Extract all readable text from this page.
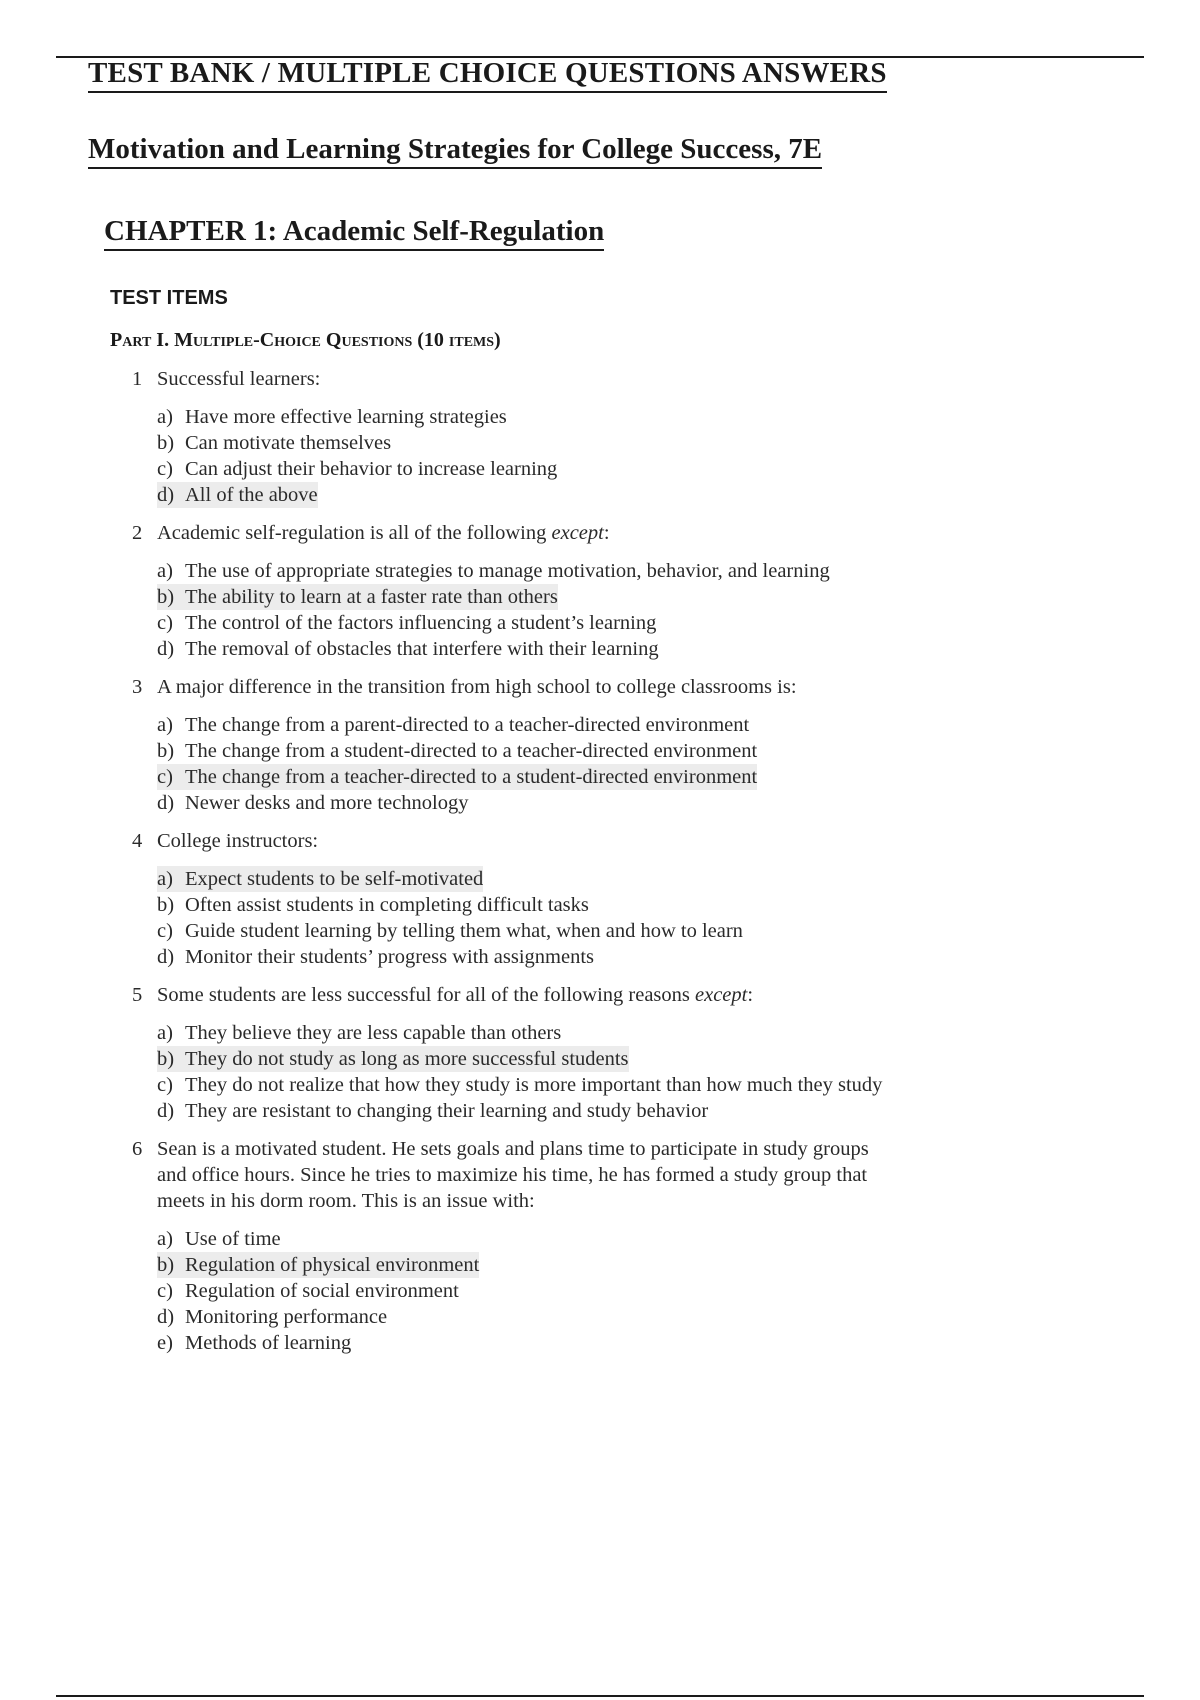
TEST BANK / MULTIPLE CHOICE QUESTIONS ANSWERS
Motivation and Learning Strategies for College Success, 7E
CHAPTER 1: Academic Self-Regulation
TEST ITEMS
Part I. Multiple-Choice Questions (10 items)
1 Successful learners:
a) Have more effective learning strategies
b) Can motivate themselves
c) Can adjust their behavior to increase learning
d) All of the above
2 Academic self-regulation is all of the following except:
a) The use of appropriate strategies to manage motivation, behavior, and learning
b) The ability to learn at a faster rate than others
c) The control of the factors influencing a student’s learning
d) The removal of obstacles that interfere with their learning
3 A major difference in the transition from high school to college classrooms is:
a) The change from a parent-directed to a teacher-directed environment
b) The change from a student-directed to a teacher-directed environment
c) The change from a teacher-directed to a student-directed environment
d) Newer desks and more technology
4 College instructors:
a) Expect students to be self-motivated
b) Often assist students in completing difficult tasks
c) Guide student learning by telling them what, when and how to learn
d) Monitor their students’ progress with assignments
5 Some students are less successful for all of the following reasons except:
a) They believe they are less capable than others
b) They do not study as long as more successful students
c) They do not realize that how they study is more important than how much they study
d) They are resistant to changing their learning and study behavior
6 Sean is a motivated student. He sets goals and plans time to participate in study groups and office hours. Since he tries to maximize his time, he has formed a study group that meets in his dorm room. This is an issue with:
a) Use of time
b) Regulation of physical environment
c) Regulation of social environment
d) Monitoring performance
e) Methods of learning
